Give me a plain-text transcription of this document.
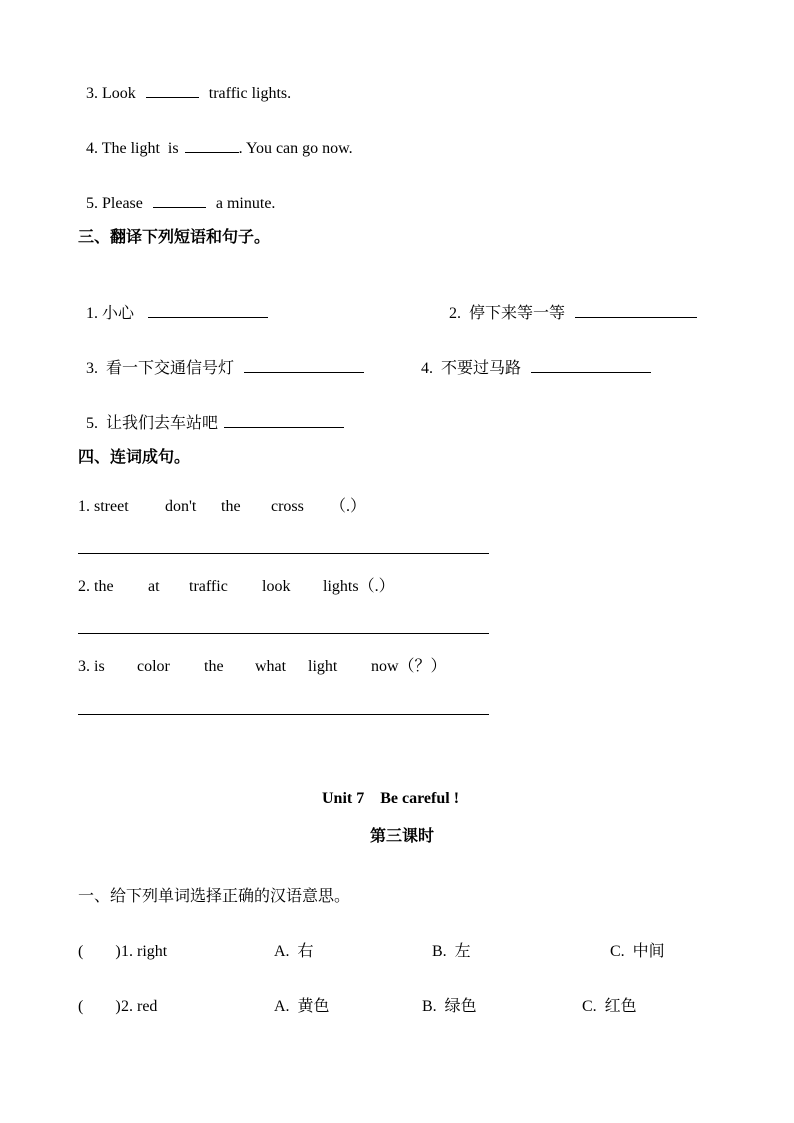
3. Look	traffic lights.

4. The light  is	. You can go now.

5. Please	a minute.

三、翻译下列短语和句子。

1. 小心	2.  停下来等一等

3.  看一下交通信号灯	4.  不要过马路

5.  让我们去车站吧

四、连词成句。
1. street don't the cross （.）
2. the at traffic look lights（.）
3. is color the what light now（？）
Unit 7    Be careful !
第三课时
一、给下列单词选择正确的汉语意思。
(        ) 1. right	A.  右	B.  左	C.  中间
(        ) 2. red	A.  黄色	B.  绿色	C.  红色
